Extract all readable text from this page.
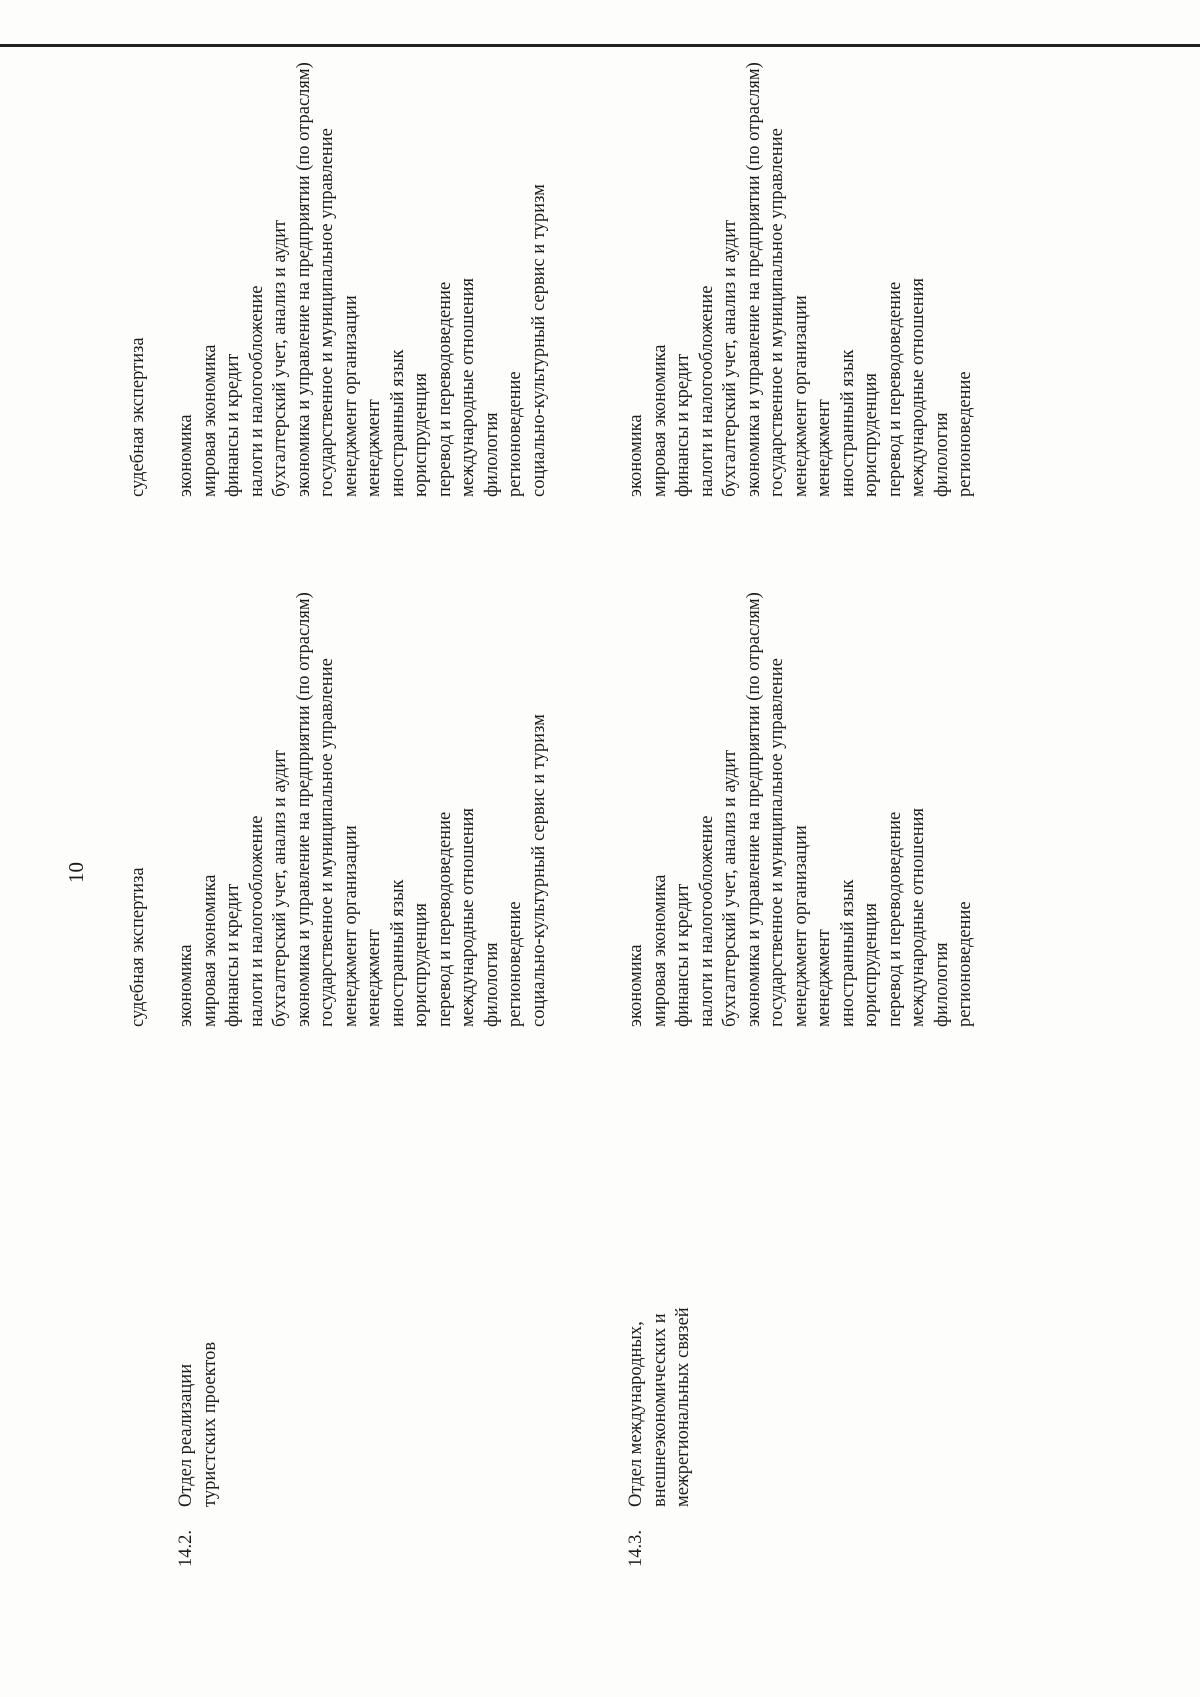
10 судебная экспертиза
судебная экспертиза
14.2.
Отдел реализации туристских проектов
экономика мировая экономика финансы и кредит налоги и налогообложение бухгалтерский учет, анализ и аудит экономика и управление на предприятии (по отраслям) государственное и муниципальное управление менеджмент организации менеджмент иностранный язык юриспруденция перевод и переводоведение международные отношения филология регионоведение социально-культурный сервис и туризм
экономика мировая экономика финансы и кредит налоги и налогообложение бухгалтерский учет, анализ и аудит экономика и управление на предприятии (по отраслям) государственное и муниципальное управление менеджмент организации менеджмент иностранный язык юриспруденция перевод и переводоведение международные отношения филология регионоведение социально-культурный сервис и туризм
14.3.
Отдел международных, внешнеэкономических и межрегиональных связей
экономика мировая экономика финансы и кредит налоги и налогообложение бухгалтерский учет, анализ и аудит экономика и управление на предприятии (по отраслям) государственное и муниципальное управление менеджмент организации менеджмент иностранный язык юриспруденция перевод и переводоведение международные отношения филология регионоведение
экономика мировая экономика финансы и кредит налоги и налогообложение бухгалтерский учет, анализ и аудит экономика и управление на предприятии (по отраслям) государственное и муниципальное управление менеджмент организации менеджмент иностранный язык юриспруденция перевод и переводоведение международные отношения филология регионоведение
